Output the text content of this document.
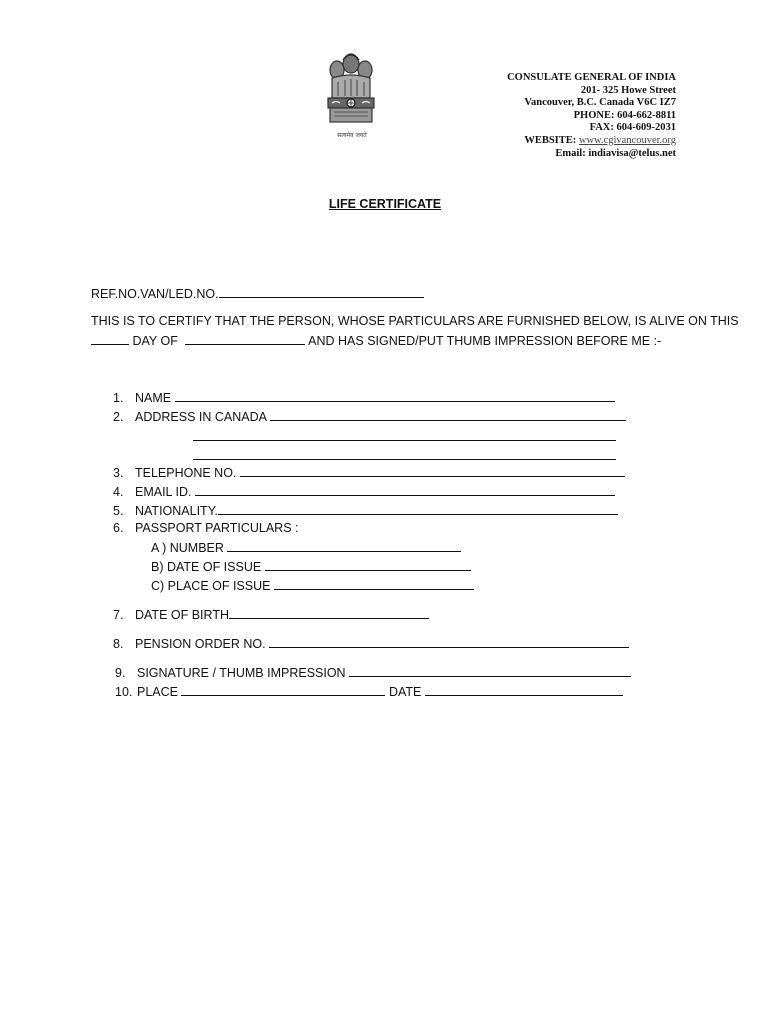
सत्यमेव जयते
CONSULATE GENERAL OF INDIA
201- 325 Howe Street
Vancouver, B.C. Canada V6C IZ7
PHONE: 604-662-8811
FAX: 604-609-2031
WEBSITE: www.cgivancouver.org
Email: indiavisa@telus.net
LIFE CERTIFICATE
REF.NO.VAN/LED.NO.
THIS IS TO CERTIFY THAT THE PERSON, WHOSE PARTICULARS ARE FURNISHED BELOW, IS ALIVE ON THIS
DAY OF	AND HAS SIGNED/PUT THUMB IMPRESSION BEFORE ME :-
1. NAME
2. ADDRESS IN CANADA
3. TELEPHONE NO.
4. EMAIL ID.
5. NATIONALITY.
6. PASSPORT PARTICULARS :
A ) NUMBER
B) DATE OF ISSUE
C) PLACE OF ISSUE
7. DATE OF BIRTH
8. PENSION ORDER NO.
9. SIGNATURE / THUMB IMPRESSION
10. PLACE	DATE
